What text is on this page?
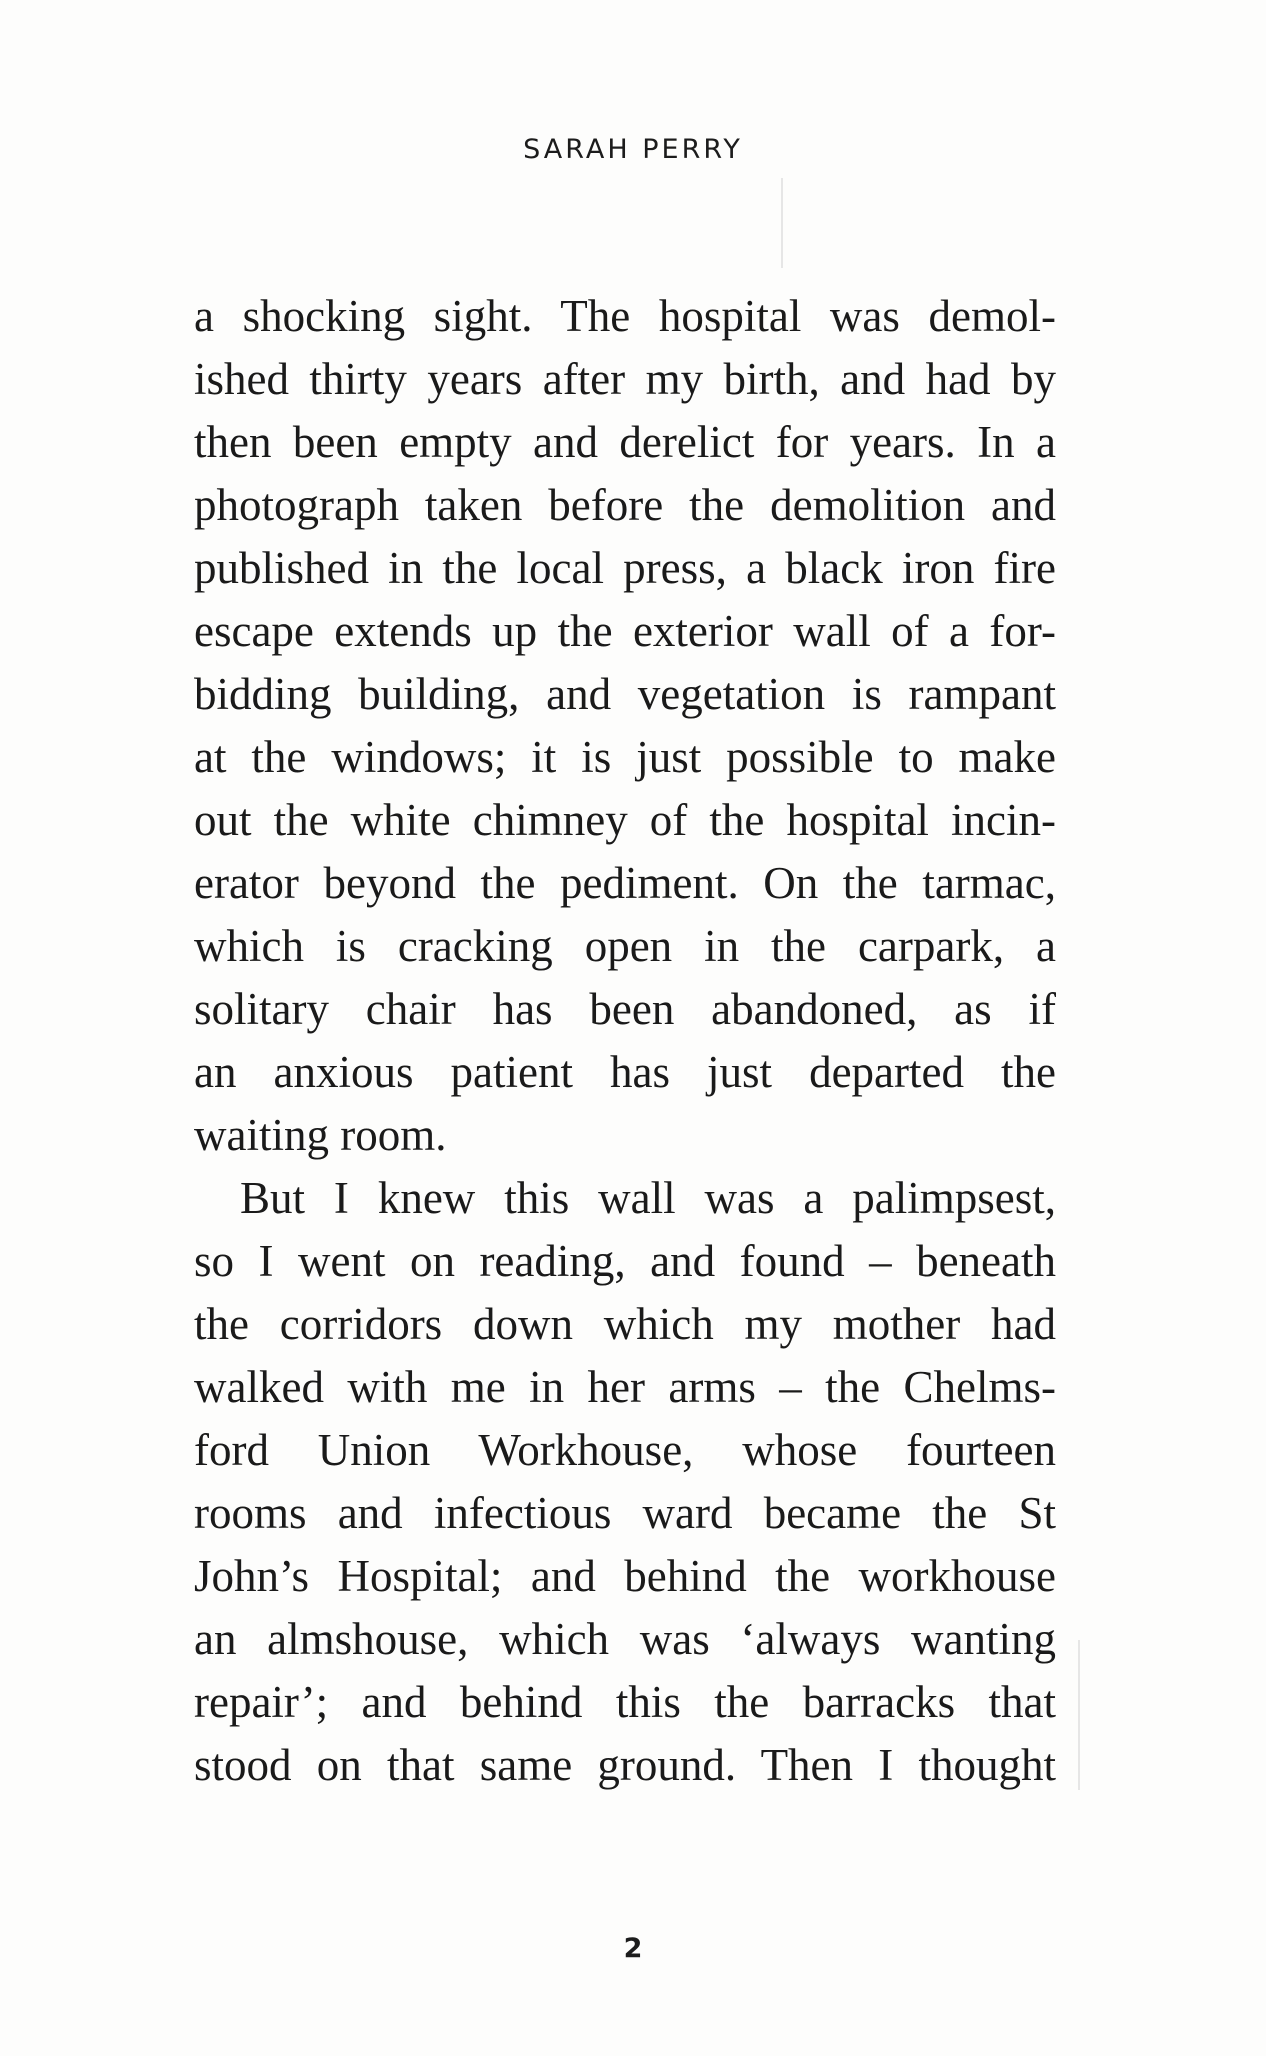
SARAH PERRY
a shocking sight. The hospital was demol-
ished thirty years after my birth, and had by
then been empty and derelict for years. In a
photograph taken before the demolition and
published in the local press, a black iron fire
escape extends up the exterior wall of a for-
bidding building, and vegetation is rampant
at the windows; it is just possible to make
out the white chimney of the hospital incin-
erator beyond the pediment. On the tarmac,
which is cracking open in the carpark, a
solitary chair has been abandoned, as if
an anxious patient has just departed the
waiting room.
But I knew this wall was a palimpsest,
so I went on reading, and found – beneath
the corridors down which my mother had
walked with me in her arms – the Chelms-
ford Union Workhouse, whose fourteen
rooms and infectious ward became the St
John’s Hospital; and behind the workhouse
an almshouse, which was ‘always wanting
repair’; and behind this the barracks that
stood on that same ground. Then I thought
2
